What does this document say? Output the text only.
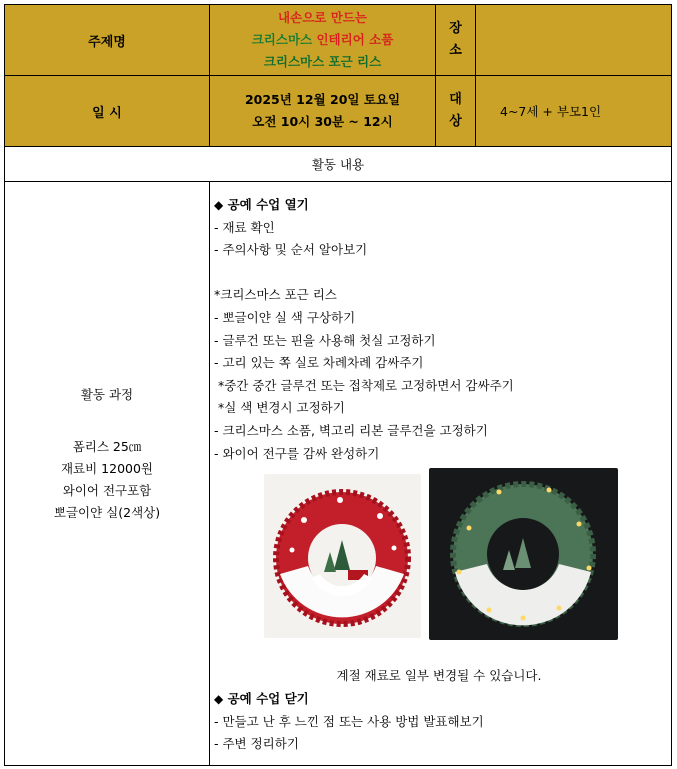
주제명
내손으로 만드는
크리스마스 인테리어 소품
크리스마스 포근 리스
장소
일 시
2025년 12월 20일 토요일
오전 10시 30분 ~ 12시
대상
4~7세 + 부모1인
활동 내용
활동 과정
폼리스 25㎝
재료비 12000원
와이어 전구포함
뽀글이얀 실(2색상)
◆ 공예 수업 열기
- 재료 확인
- 주의사항 및 순서 알아보기
*크리스마스 포근 리스
- 뽀글이얀 실 색 구상하기
- 글루건 또는 핀을 사용해 첫실 고정하기
- 고리 있는 쪽 실로 차례차례 감싸주기
*중간 중간 글루건 또는 접착제로 고정하면서 감싸주기
*실 색 변경시 고정하기
- 크리스마스 소품, 벽고리 리본 글루건을 고정하기
- 와이어 전구를 감싸 완성하기
계절 재료로 일부 변경될 수 있습니다.
◆ 공예 수업 닫기
- 만들고 난 후 느낀 점 또는 사용 방법 발표해보기
- 주변 정리하기
